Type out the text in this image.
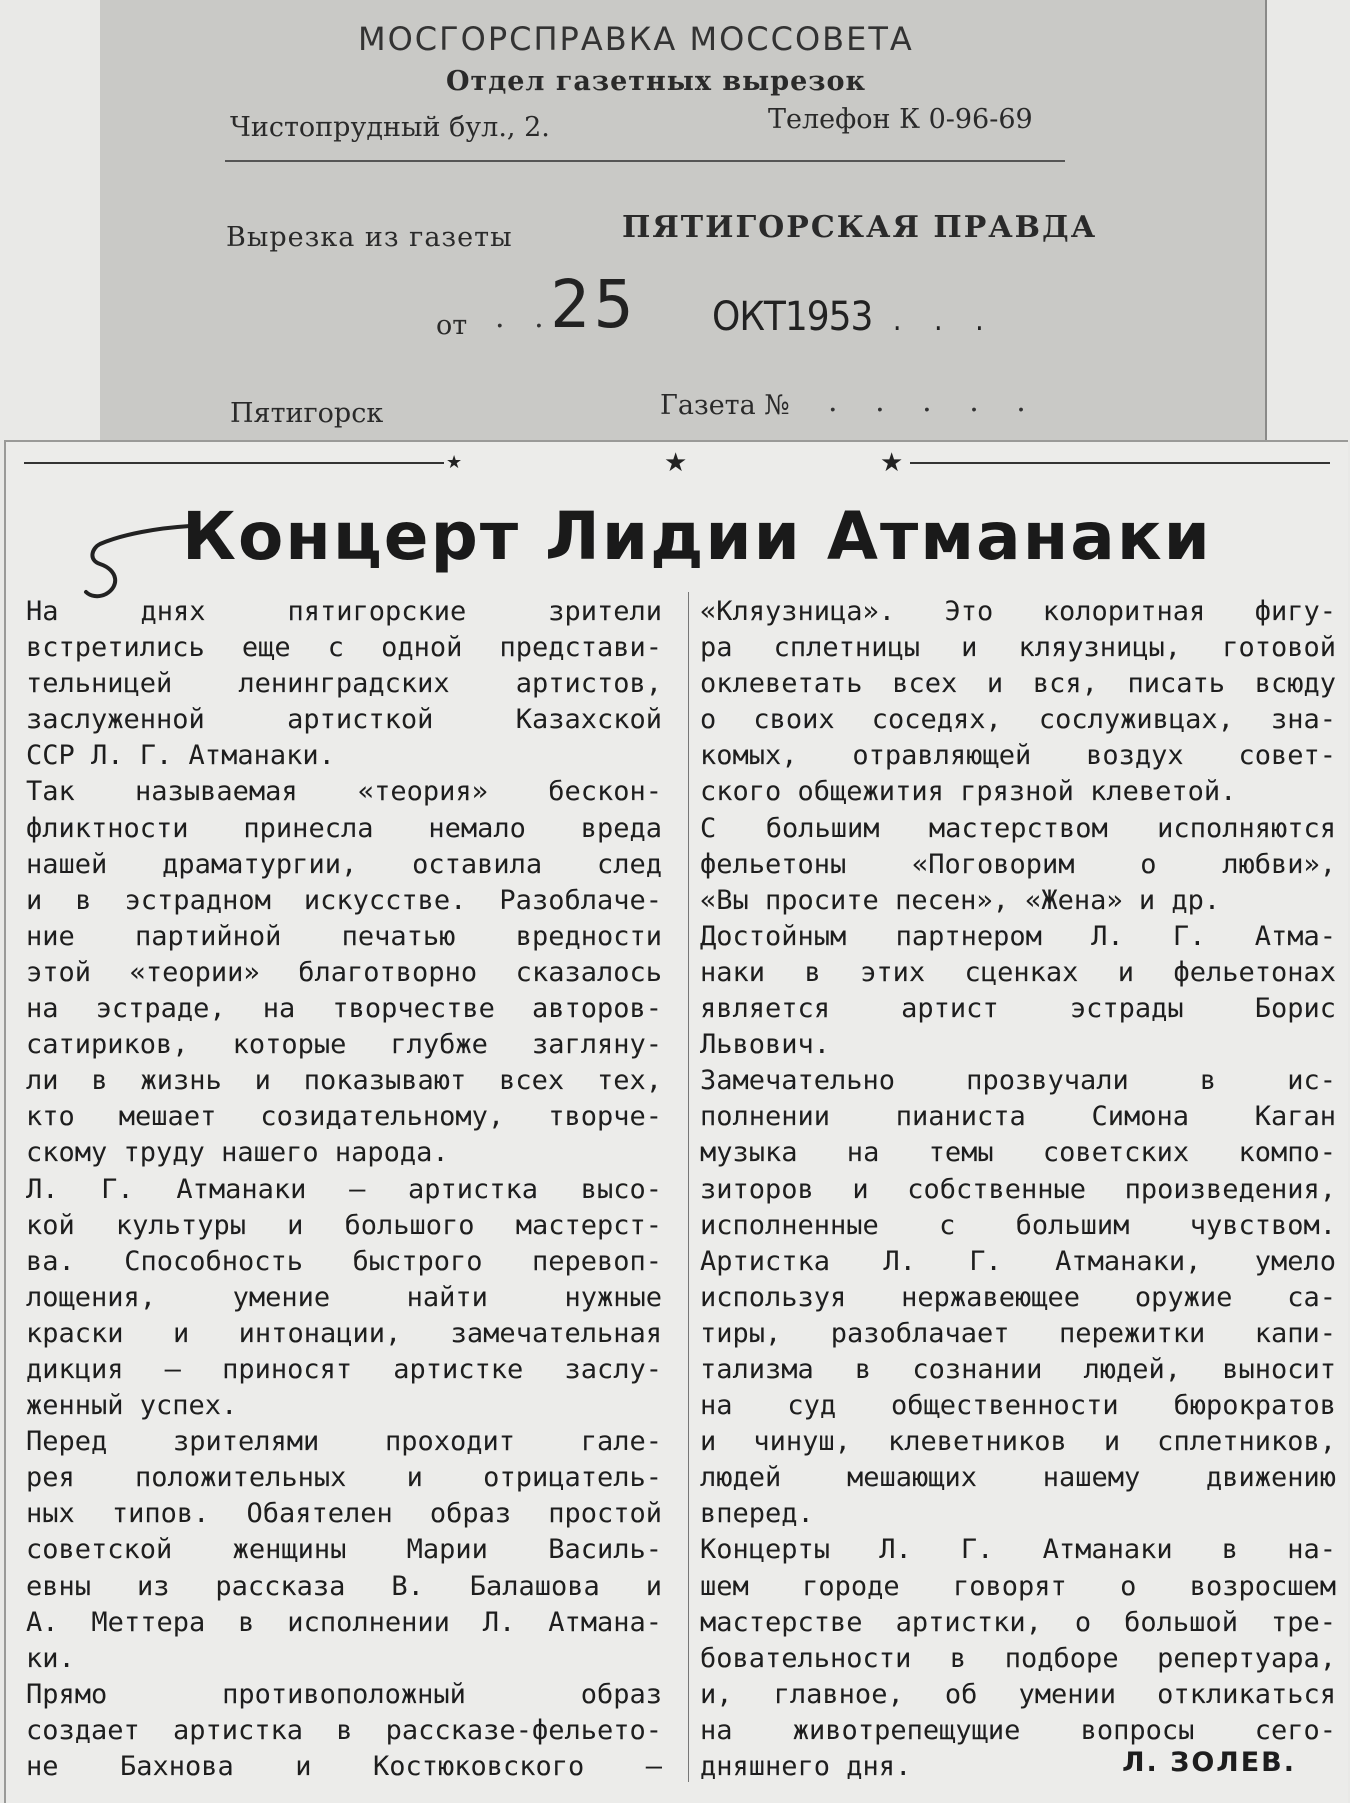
МОСГОРСПРАВКА МОССОВЕТА
Отдел газетных вырезок
Чистопрудный бул., 2.	Телефон К 0-96-69
Вырезка из газеты	ПЯТИГОРСКАЯ ПРАВДА
от . .
25 ОКТ1953 . . .
Пятигорск	Газета № . . . . .
★	★	★
Концерт Лидии Атманаки
На днях пятигорские зрители
встретились еще с одной представи-
тельницей ленинградских артистов,
заслуженной артисткой Казахской
ССР Л. Г. Атманаки.
Так называемая «теория» бескон-
фликтности принесла немало вреда
нашей драматургии, оставила след
и в эстрадном искусстве. Разоблаче-
ние партийной печатью вредности
этой «теории» благотворно сказалось
на эстраде, на творчестве авторов-
сатириков, которые глубже загляну-
ли в жизнь и показывают всех тех,
кто мешает созидательному, творче-
скому труду нашего народа.
Л. Г. Атманаки — артистка высо-
кой культуры и большого мастерст-
ва. Способность быстрого перевоп-
лощения, умение найти нужные
краски и интонации, замечательная
дикция — приносят артистке заслу-
женный успех.
Перед зрителями проходит гале-
рея положительных и отрицатель-
ных типов. Обаятелен образ простой
советской женщины Марии Василь-
евны из рассказа В. Балашова и
А. Меттера в исполнении Л. Атмана-
ки.
Прямо противоположный образ
создает артистка в рассказе-фельето-
не Бахнова и Костюковского —
«Кляузница». Это колоритная фигу-
ра сплетницы и кляузницы, готовой
оклеветать всех и вся, писать всюду
о своих соседях, сослуживцах, зна-
комых, отравляющей воздух совет-
ского общежития грязной клеветой.
С большим мастерством исполняются
фельетоны «Поговорим о любви»,
«Вы просите песен», «Жена» и др.
Достойным партнером Л. Г. Атма-
наки в этих сценках и фельетонах
является артист эстрады Борис
Львович.
Замечательно прозвучали в ис-
полнении пианиста Симона Каган
музыка на темы советских компо-
зиторов и собственные произведения,
исполненные с большим чувством.
Артистка Л. Г. Атманаки, умело
используя нержавеющее оружие са-
тиры, разоблачает пережитки капи-
тализма в сознании людей, выносит
на суд общественности бюрократов
и чинуш, клеветников и сплетников,
людей мешающих нашему движению
вперед.
Концерты Л. Г. Атманаки в на-
шем городе говорят о возросшем
мастерстве артистки, о большой тре-
бовательности в подборе репертуара,
и, главное, об умении откликаться
на животрепещущие вопросы сего-
дняшнего дня.	Л. ЗОЛЕВ.
